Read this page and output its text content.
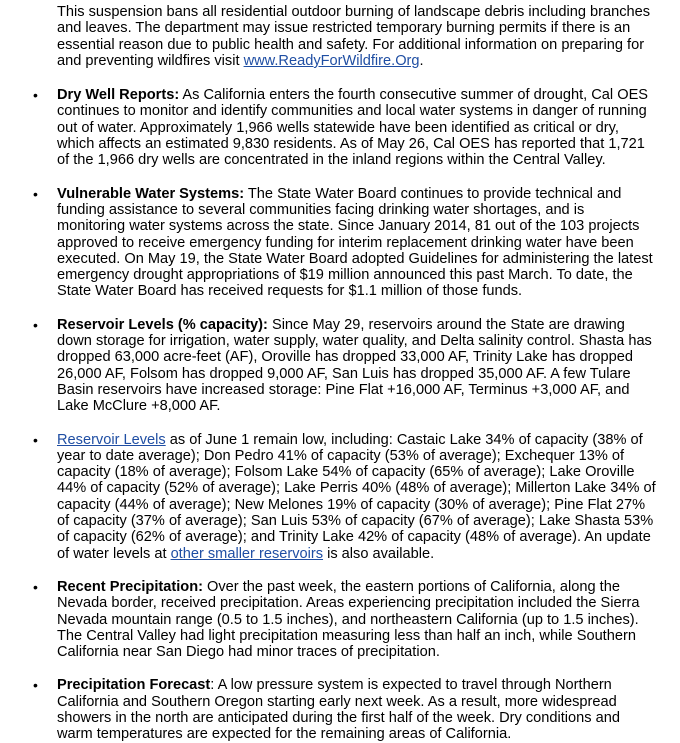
This suspension bans all residential outdoor burning of landscape debris including branches and leaves. The department may issue restricted temporary burning permits if there is an essential reason due to public health and safety. For additional information on preparing for and preventing wildfires visit www.ReadyForWildfire.Org.

• Dry Well Reports: As California enters the fourth consecutive summer of drought, Cal OES continues to monitor and identify communities and local water systems in danger of running out of water. Approximately 1,966 wells statewide have been identified as critical or dry, which affects an estimated 9,830 residents. As of May 26, Cal OES has reported that 1,721 of the 1,966 dry wells are concentrated in the inland regions within the Central Valley.

• Vulnerable Water Systems: The State Water Board continues to provide technical and funding assistance to several communities facing drinking water shortages, and is monitoring water systems across the state. Since January 2014, 81 out of the 103 projects approved to receive emergency funding for interim replacement drinking water have been executed. On May 19, the State Water Board adopted Guidelines for administering the latest emergency drought appropriations of $19 million announced this past March. To date, the State Water Board has received requests for $1.1 million of those funds.

• Reservoir Levels (% capacity): Since May 29, reservoirs around the State are drawing down storage for irrigation, water supply, water quality, and Delta salinity control. Shasta has dropped 63,000 acre-feet (AF), Oroville has dropped 33,000 AF, Trinity Lake has dropped 26,000 AF, Folsom has dropped 9,000 AF, San Luis has dropped 35,000 AF. A few Tulare Basin reservoirs have increased storage: Pine Flat +16,000 AF, Terminus +3,000 AF, and Lake McClure +8,000 AF.

• Reservoir Levels as of June 1 remain low, including: Castaic Lake 34% of capacity (38% of year to date average); Don Pedro 41% of capacity (53% of average); Exchequer 13% of capacity (18% of average); Folsom Lake 54% of capacity (65% of average); Lake Oroville 44% of capacity (52% of average); Lake Perris 40% (48% of average); Millerton Lake 34% of capacity (44% of average); New Melones 19% of capacity (30% of average); Pine Flat 27% of capacity (37% of average); San Luis 53% of capacity (67% of average); Lake Shasta 53% of capacity (62% of average); and Trinity Lake 42% of capacity (48% of average). An update of water levels at other smaller reservoirs is also available.

• Recent Precipitation: Over the past week, the eastern portions of California, along the Nevada border, received precipitation. Areas experiencing precipitation included the Sierra Nevada mountain range (0.5 to 1.5 inches), and northeastern California (up to 1.5 inches). The Central Valley had light precipitation measuring less than half an inch, while Southern California near San Diego had minor traces of precipitation.

• Precipitation Forecast: A low pressure system is expected to travel through Northern California and Southern Oregon starting early next week. As a result, more widespread showers in the north are anticipated during the first half of the week. Dry conditions and warm temperatures are expected for the remaining areas of California.
